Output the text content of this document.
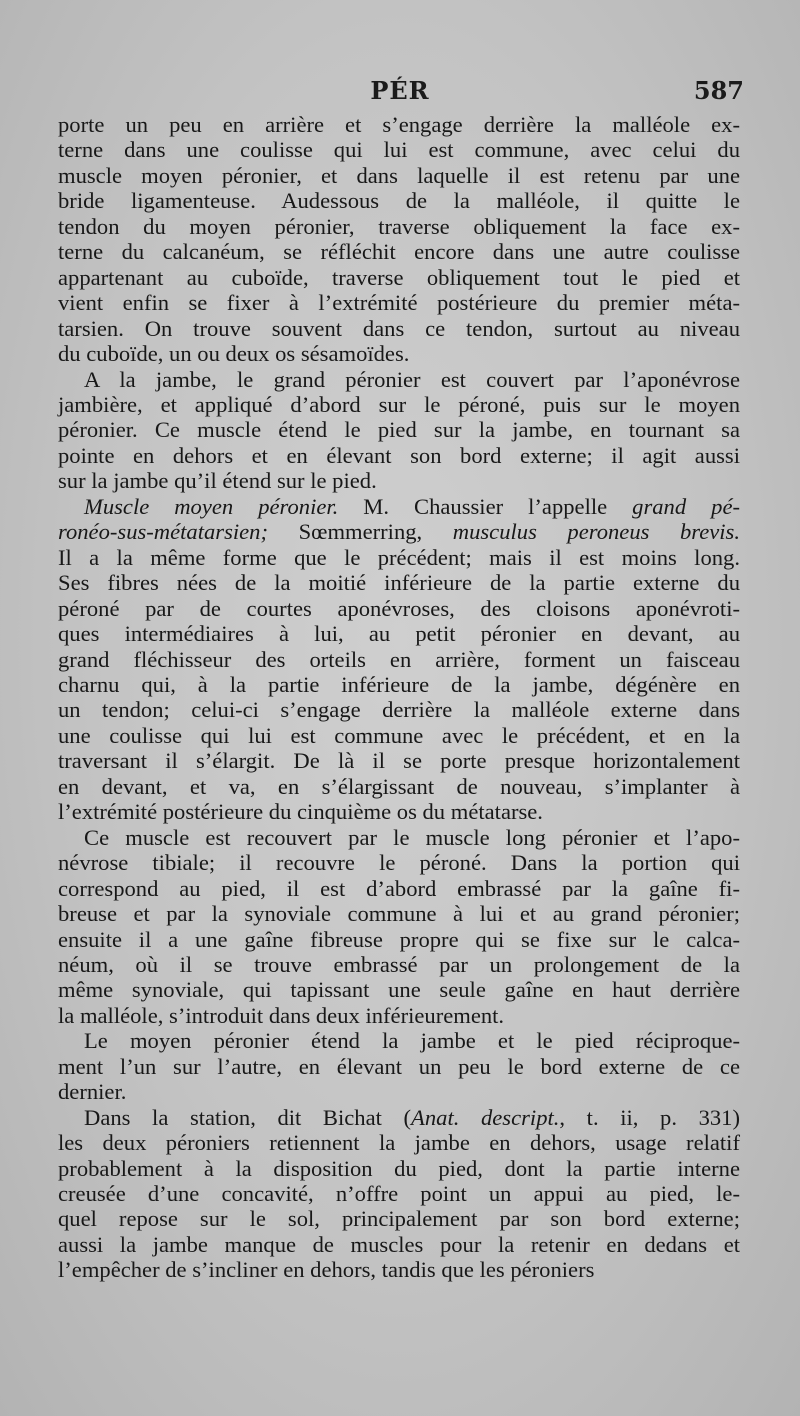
PÉR	587
porte un peu en arrière et s’engage derrière la malléole ex-
terne dans une coulisse qui lui est commune, avec celui du
muscle moyen péronier, et dans laquelle il est retenu par une
bride ligamenteuse. Audessous de la malléole, il quitte le
tendon du moyen péronier, traverse obliquement la face ex-
terne du calcanéum, se réfléchit encore dans une autre coulisse
appartenant au cuboïde, traverse obliquement tout le pied et
vient enfin se fixer à l’extrémité postérieure du premier méta-
tarsien. On trouve souvent dans ce tendon, surtout au niveau
du cuboïde, un ou deux os sésamoïdes.
A la jambe, le grand péronier est couvert par l’aponévrose
jambière, et appliqué d’abord sur le péroné, puis sur le moyen
péronier. Ce muscle étend le pied sur la jambe, en tournant sa
pointe en dehors et en élevant son bord externe; il agit aussi
sur la jambe qu’il étend sur le pied.
Muscle moyen péronier. M. Chaussier l’appelle grand pé-
ronéo-sus-métatarsien; Sœmmerring, musculus peroneus brevis.
Il a la même forme que le précédent; mais il est moins long.
Ses fibres nées de la moitié inférieure de la partie externe du
péroné par de courtes aponévroses, des cloisons aponévroti-
ques intermédiaires à lui, au petit péronier en devant, au
grand fléchisseur des orteils en arrière, forment un faisceau
charnu qui, à la partie inférieure de la jambe, dégénère en
un tendon; celui-ci s’engage derrière la malléole externe dans
une coulisse qui lui est commune avec le précédent, et en la
traversant il s’élargit. De là il se porte presque horizontalement
en devant, et va, en s’élargissant de nouveau, s’implanter à
l’extrémité postérieure du cinquième os du métatarse.
Ce muscle est recouvert par le muscle long péronier et l’apo-
névrose tibiale; il recouvre le péroné. Dans la portion qui
correspond au pied, il est d’abord embrassé par la gaîne fi-
breuse et par la synoviale commune à lui et au grand péronier;
ensuite il a une gaîne fibreuse propre qui se fixe sur le calca-
néum, où il se trouve embrassé par un prolongement de la
même synoviale, qui tapissant une seule gaîne en haut derrière
la malléole, s’introduit dans deux inférieurement.
Le moyen péronier étend la jambe et le pied réciproque-
ment l’un sur l’autre, en élevant un peu le bord externe de ce
dernier.
Dans la station, dit Bichat (Anat. descript., t. ii, p. 331)
les deux péroniers retiennent la jambe en dehors, usage relatif
probablement à la disposition du pied, dont la partie interne
creusée d’une concavité, n’offre point un appui au pied, le-
quel repose sur le sol, principalement par son bord externe;
aussi la jambe manque de muscles pour la retenir en dedans et
l’empêcher de s’incliner en dehors, tandis que les péroniers
